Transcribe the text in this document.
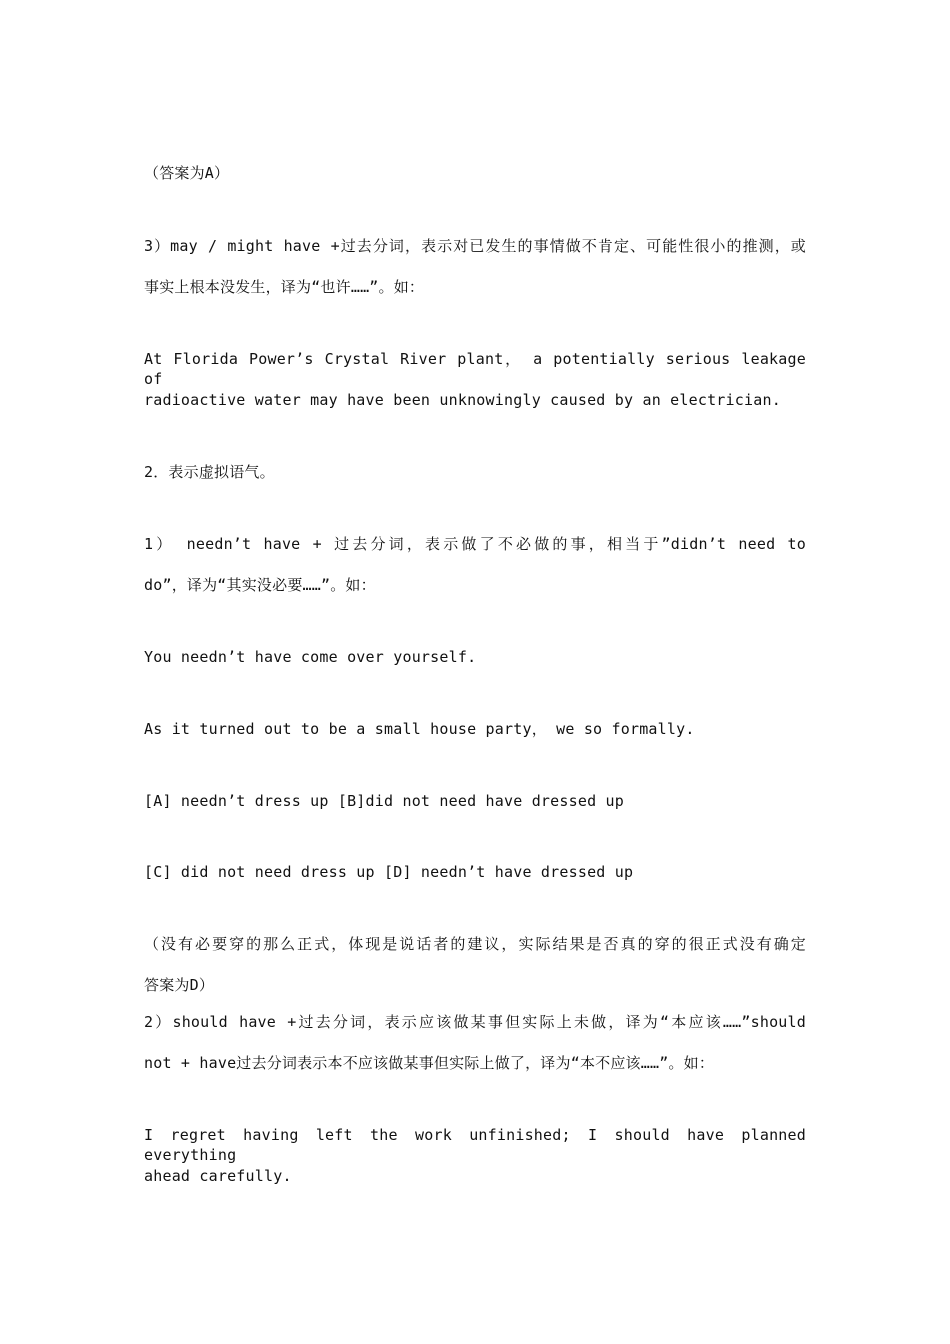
（答案为A）
3）may / might have +过去分词，表示对已发生的事情做不肯定、可能性很小的推测，或
事实上根本没发生，译为“也许……”。如：
At Florida Power’s Crystal River plant， a potentially serious leakage of
radioactive water may have been unknowingly caused by an electrician.
2．表示虚拟语气。
1） needn’t have + 过去分词，表示做了不必做的事，相当于”didn’t need to
do”，译为“其实没必要……”。如：
You needn’t have come over yourself.
As it turned out to be a small house party， we so formally.
[A] needn’t dress up [B]did not need have dressed up
[C] did not need dress up [D] needn’t have dressed up
（没有必要穿的那么正式，体现是说话者的建议，实际结果是否真的穿的很正式没有确定
答案为D）
2）should have +过去分词，表示应该做某事但实际上未做，译为“本应该……”should
not + have过去分词表示本不应该做某事但实际上做了，译为“本不应该……”。如：
I regret having left the work unfinished; I should have planned everything
ahead carefully.
